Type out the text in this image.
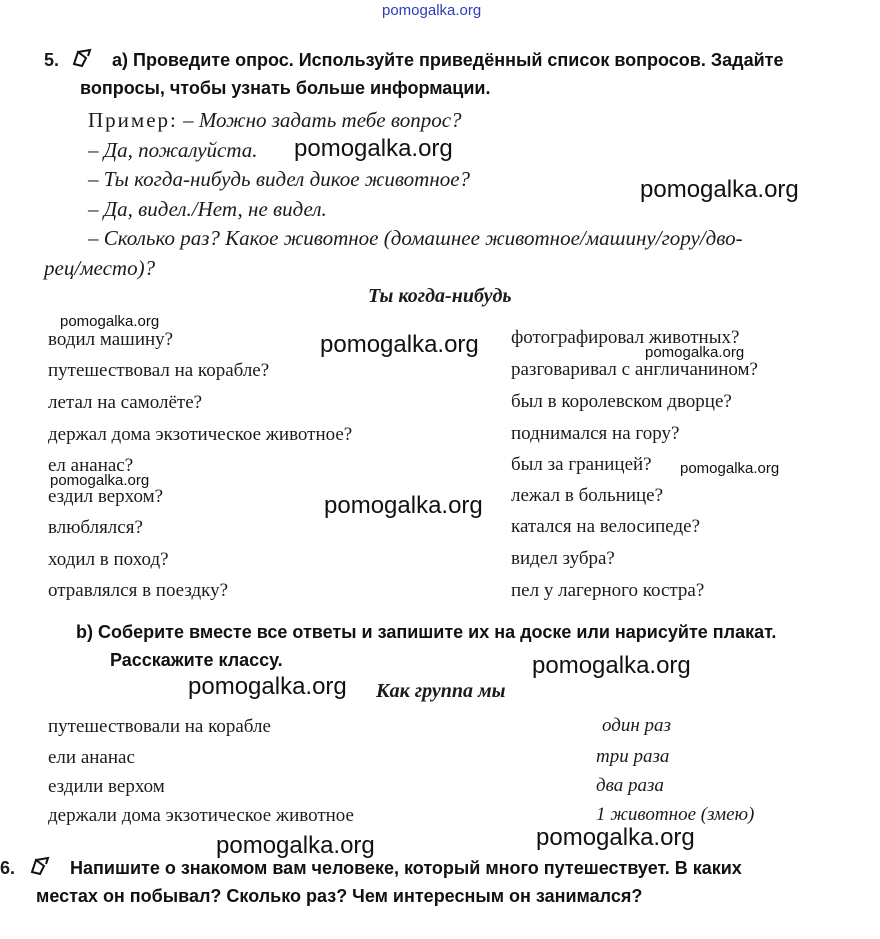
pomogalka.org
5.	а) Проведите опрос. Используйте приведённый список вопросов. Задайте
вопросы, чтобы узнать больше информации.
Пример: – Можно задать тебе вопрос?
– Да, пожалуйста.
– Ты когда-нибудь видел дикое животное?
– Да, видел./Нет, не видел.
– Сколько раз? Какое животное (домашнее животное/машину/гору/дво-
рец/место)?
Ты когда-нибудь
водил машину?
путешествовал на корабле?
летал на самолёте?
держал дома экзотическое животное?
ел ананас?
ездил верхом?
влюблялся?
ходил в поход?
отравлялся в поездку?
фотографировал животных?
разговаривал с англичанином?
был в королевском дворце?
поднимался на гору?
был за границей?
лежал в больнице?
катался на велосипеде?
видел зубра?
пел у лагерного костра?
b) Соберите вместе все ответы и запишите их на доске или нарисуйте плакат.
Расскажите классу.
Как группа мы
путешествовали на корабле	один раз
ели ананас	три раза
ездили верхом	два раза
держали дома экзотическое животное	1 животное (змею)
6.	Напишите о знакомом вам человеке, который много путешествует. В каких
местах он побывал? Сколько раз? Чем интересным он занимался?
pomogalka.org
pomogalka.org
pomogalka.org
pomogalka.org	pomogalka.org
pomogalka.org
pomogalka.org
pomogalka.org
pomogalka.org
pomogalka.org
pomogalka.org
pomogalka.org
